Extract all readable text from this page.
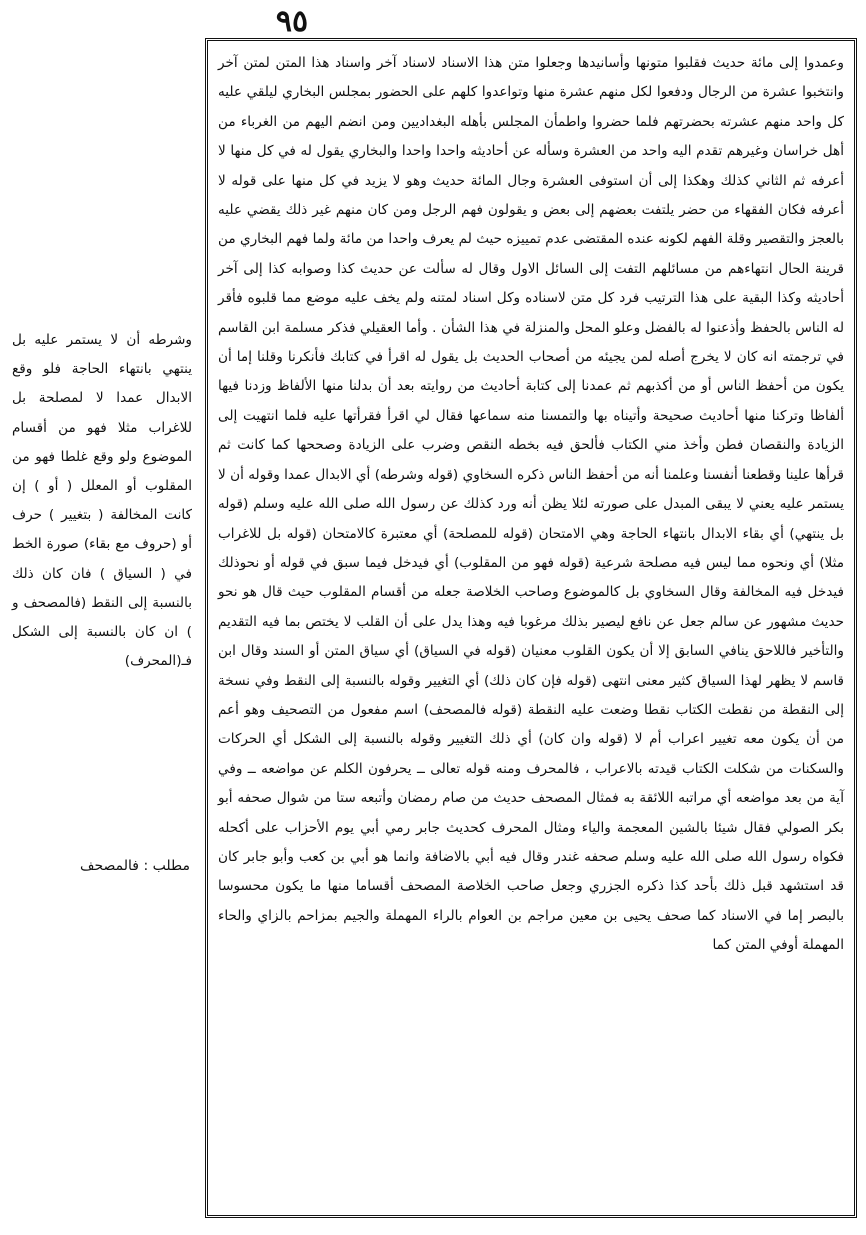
٩٥
وشرطه أن لا يستمر عليه بل ينتهي بانتهاء الحاجة فلو وقع الابدال عمدا لا لمصلحة بل للاغراب مثلا فهو من أقسام الموضوع ولو وقع غلطا فهو من المقلوب أو المعلل ( أو ) إن كانت المخالفة ( بتغيير ) حرف أو (حروف مع بقاء) صورة الخط في ( السياق ) فان كان ذلك بالنسبة إلى النقط (فالمصحف و ) ان كان بالنسبة إلى الشكل فـ(المحرف)
مطلب : فالمصحف
وعمدوا إلى مائة حديث فقلبوا متونها وأسانيدها وجعلوا متن هذا الاسناد لاسناد آخر واسناد هذا المتن لمتن آخر وانتخبوا عشرة من الرجال ودفعوا لكل منهم عشرة منها وتواعدوا كلهم على الحضور بمجلس البخاري ليلقي عليه كل واحد منهم عشرته بحضرتهم فلما حضروا واطمأن المجلس بأهله البغداديين ومن انضم اليهم من الغرباء من أهل خراسان وغيرهم تقدم اليه واحد من العشرة وسأله عن أحاديثه واحدا واحدا والبخاري يقول له في كل منها لا أعرفه ثم الثاني كذلك وهكذا إلى أن استوفى العشرة وجال المائة حديث وهو لا يزيد في كل منها على قوله لا أعرفه فكان الفقهاء من حضر يلتفت بعضهم إلى بعض و يقولون فهم الرجل ومن كان منهم غير ذلك يقضي عليه بالعجز والتقصير وقلة الفهم لكونه عنده المقتضى عدم تمييزه حيث لم يعرف واحدا من مائة ولما فهم البخاري من قرينة الحال انتهاءهم من مسائلهم التفت إلى السائل الاول وقال له سألت عن حديث كذا وصوابه كذا إلى آخر أحاديثه وكذا البقية على هذا الترتيب فرد كل متن لاسناده وكل اسناد لمتنه ولم يخف عليه موضع مما قلبوه فأقر له الناس بالحفظ وأذعنوا له بالفضل وعلو المحل والمنزلة في هذا الشأن . وأما العقيلي فذكر مسلمة ابن القاسم في ترجمته انه كان لا يخرج أصله لمن يجيئه من أصحاب الحديث بل يقول له اقرأ في كتابك فأنكرنا وقلنا إما أن يكون من أحفظ الناس أو من أكذبهم ثم عمدنا إلى كتابة أحاديث من روايته بعد أن بدلنا منها الألفاظ وزدنا فيها ألفاظا وتركنا منها أحاديث صحيحة وأتيناه بها والتمسنا منه سماعها فقال لي اقرأ فقرأتها عليه فلما انتهيت إلى الزيادة والنقصان فطن وأخذ مني الكتاب فألحق فيه بخطه النقص وضرب على الزيادة وصححها كما كانت ثم قرأها علينا وقطعنا أنفسنا وعلمنا أنه من أحفظ الناس ذكره السخاوي (قوله وشرطه) أي الابدال عمدا وقوله أن لا يستمر عليه يعني لا يبقى المبدل على صورته لئلا يظن أنه ورد كذلك عن رسول الله صلى الله عليه وسلم (قوله بل ينتهي) أي بقاء الابدال بانتهاء الحاجة وهي الامتحان (قوله للمصلحة) أي معتبرة كالامتحان (قوله بل للاغراب مثلا) أي ونحوه مما ليس فيه مصلحة شرعية (قوله فهو من المقلوب) أي فيدخل فيما سبق في قوله أو نحوذلك فيدخل فيه المخالفة وقال السخاوي بل كالموضوع وصاحب الخلاصة جعله من أقسام المقلوب حيث قال هو نحو حديث مشهور عن سالم جعل عن نافع ليصير بذلك مرغوبا فيه وهذا يدل على أن القلب لا يختص بما فيه التقديم والتأخير فاللاحق ينافي السابق إلا أن يكون القلوب معنيان (قوله في السياق) أي سياق المتن أو السند وقال ابن قاسم لا يظهر لهذا السياق كثير معنى انتهى (قوله فإن كان ذلك) أي التغيير وقوله بالنسبة إلى النقط وفي نسخة إلى النقطة من نقطت الكتاب نقطا وضعت عليه النقطة (قوله فالمصحف) اسم مفعول من التصحيف وهو أعم من أن يكون معه تغيير اعراب أم لا (قوله وان كان) أي ذلك التغيير وقوله بالنسبة إلى الشكل أي الحركات والسكنات من شكلت الكتاب قيدته بالاعراب ، فالمحرف ومنه قوله تعالى ــ يحرفون الكلم عن مواضعه ــ وفي آية من بعد مواضعه أي مراتبه اللائقة به فمثال المصحف حديث من صام رمضان وأتبعه ستا من شوال صحفه أبو بكر الصولي فقال شيئا بالشين المعجمة والياء ومثال المحرف كحديث جابر رمي أبي يوم الأحزاب على أكحله فكواه رسول الله صلى الله عليه وسلم صحفه غندر وقال فيه أبي بالاضافة وانما هو أبي بن كعب وأبو جابر كان قد استشهد قبل ذلك بأحد كذا ذكره الجزري وجعل صاحب الخلاصة المصحف أقساما منها ما يكون محسوسا بالبصر إما في الاسناد كما صحف يحيى بن معين مراجم بن العوام بالراء المهملة والجيم بمزاحم بالزاي والحاء المهملة أوفي المتن كما
